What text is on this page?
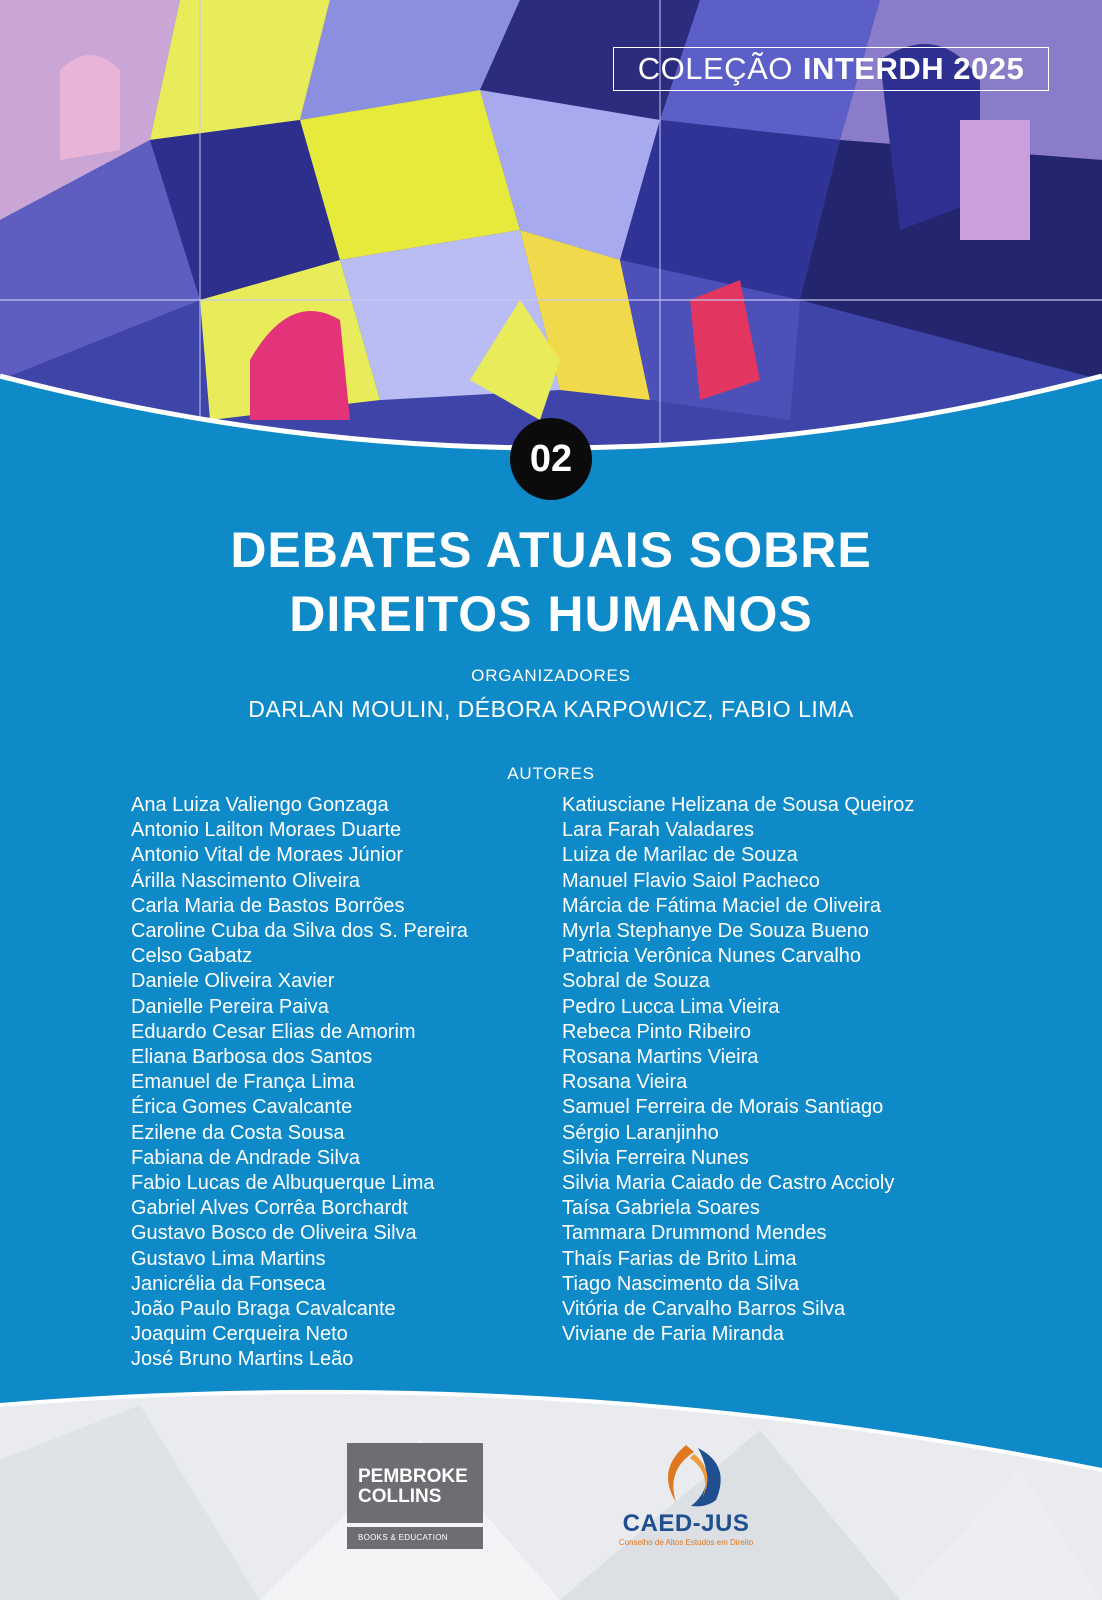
COLEÇÃO INTERDH 2025
02
DEBATES ATUAIS SOBRE
DIREITOS HUMANOS
ORGANIZADORES
DARLAN MOULIN, DÉBORA KARPOWICZ, FABIO LIMA
AUTORES
Ana Luiza Valiengo Gonzaga
Antonio Lailton Moraes Duarte
Antonio Vital de Moraes Júnior
Árilla Nascimento Oliveira
Carla Maria de Bastos Borrões
Caroline Cuba da Silva dos S. Pereira
Celso Gabatz
Daniele Oliveira Xavier
Danielle Pereira Paiva
Eduardo Cesar Elias de Amorim
Eliana Barbosa dos Santos
Emanuel de França Lima
Érica Gomes Cavalcante
Ezilene da Costa Sousa
Fabiana de Andrade Silva
Fabio Lucas de Albuquerque Lima
Gabriel Alves Corrêa Borchardt
Gustavo Bosco de Oliveira Silva
Gustavo Lima Martins
Janicrélia da Fonseca
João Paulo Braga Cavalcante
Joaquim Cerqueira Neto
José Bruno Martins Leão
Katiusciane Helizana de Sousa Queiroz
Lara Farah Valadares
Luiza de Marilac de Souza
Manuel Flavio Saiol Pacheco
Márcia de Fátima Maciel de Oliveira
Myrla Stephanye De Souza Bueno
Patricia Verônica Nunes Carvalho
Sobral de Souza
Pedro Lucca Lima Vieira
Rebeca Pinto Ribeiro
Rosana Martins Vieira
Rosana Vieira
Samuel Ferreira de Morais Santiago
Sérgio Laranjinho
Silvia Ferreira Nunes
Silvia Maria Caiado de Castro Accioly
Taísa Gabriela Soares
Tammara Drummond Mendes
Thaís Farias de Brito Lima
Tiago Nascimento da Silva
Vitória de Carvalho Barros Silva
Viviane de Faria Miranda
PEMBROKE
COLLINS
BOOKS & EDUCATION
CAED-JUS
Conselho de Altos Estudos em Direito
